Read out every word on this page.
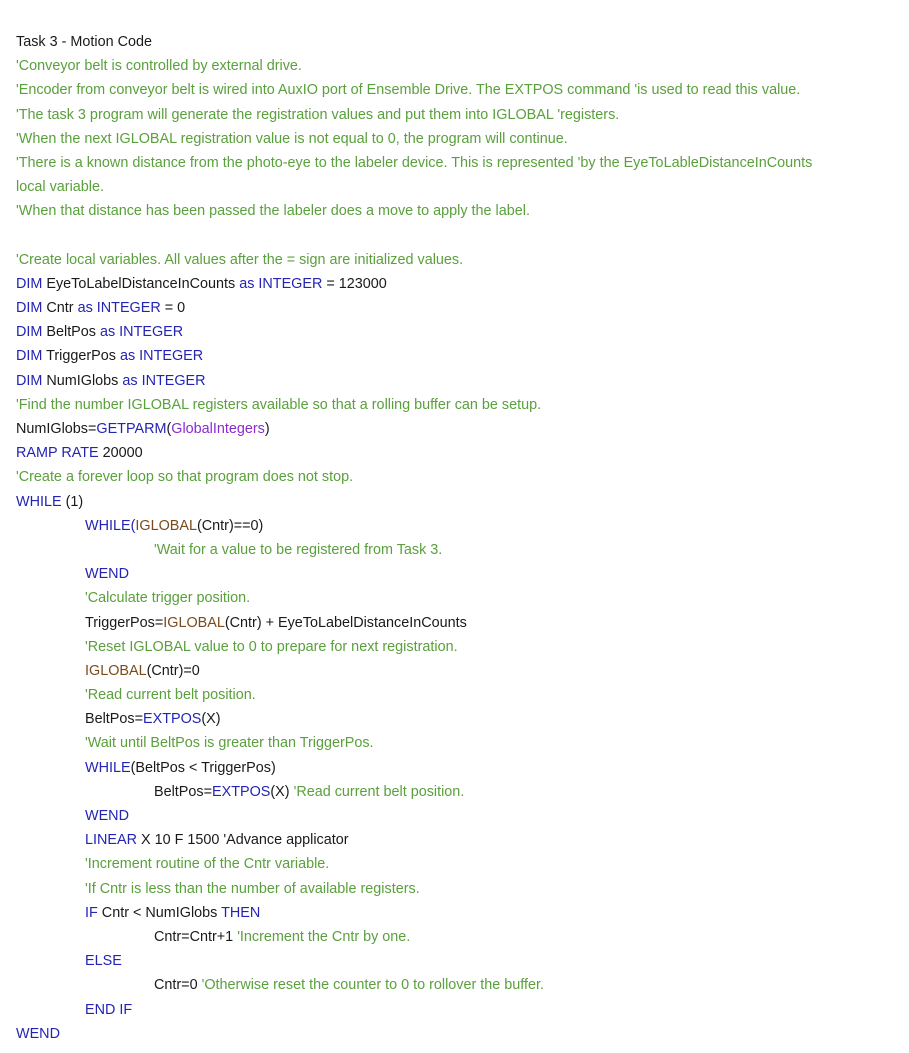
Task 3 - Motion Code
'Conveyor belt is controlled by external drive.
'Encoder from conveyor belt is wired into AuxIO port of Ensemble Drive. The EXTPOS command 'is used to read this value.
'The task 3 program will generate the registration values and put them into IGLOBAL 'registers.
'When the next IGLOBAL registration value is not equal to 0, the program will continue.
'There is a known distance from the photo-eye to the labeler device. This is represented 'by the EyeToLableDistanceInCounts
local variable.
'When that distance has been passed the labeler does a move to apply the label.
'Create local variables. All values after the = sign are initialized values.
DIM EyeToLabelDistanceInCounts as INTEGER = 123000
DIM Cntr as INTEGER = 0
DIM BeltPos as INTEGER
DIM TriggerPos as INTEGER
DIM NumIGlobs as INTEGER
'Find the number IGLOBAL registers available so that a rolling buffer can be setup.
NumIGlobs=GETPARM(GlobalIntegers)
RAMP RATE 20000
'Create a forever loop so that program does not stop.
WHILE (1)
WHILE(IGLOBAL(Cntr)==0)
'Wait for a value to be registered from Task 3.
WEND
'Calculate trigger position.
TriggerPos=IGLOBAL(Cntr) + EyeToLabelDistanceInCounts
'Reset IGLOBAL value to 0 to prepare for next registration.
IGLOBAL(Cntr)=0
'Read current belt position.
BeltPos=EXTPOS(X)
'Wait until BeltPos is greater than TriggerPos.
WHILE(BeltPos < TriggerPos)
BeltPos=EXTPOS(X) 'Read current belt position.
WEND
LINEAR X 10 F 1500 'Advance applicator
'Increment routine of the Cntr variable.
'If Cntr is less than the number of available registers.
IF Cntr < NumIGlobs THEN
Cntr=Cntr+1 'Increment the Cntr by one.
ELSE
Cntr=0 'Otherwise reset the counter to 0 to rollover the buffer.
END IF
WEND
